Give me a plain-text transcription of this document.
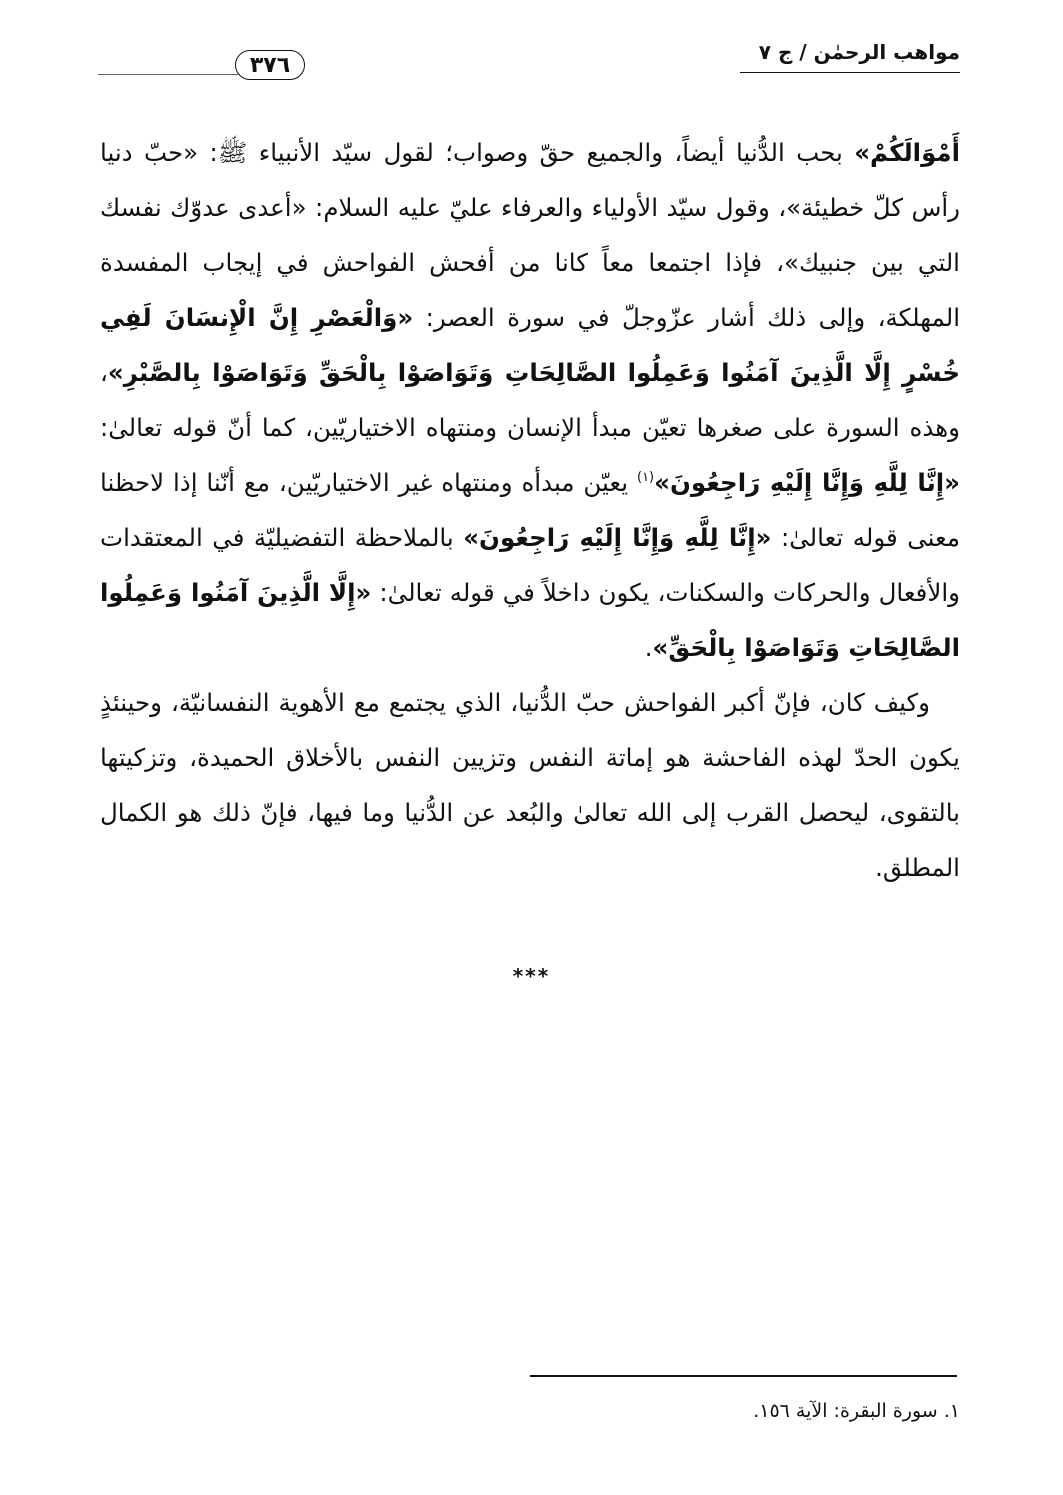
مواهب الرحمٰن / ج ٧
٣٧٦

أَمْوَالَكُمْ» بحب الدُّنيا أيضاً، والجميع حقّ وصواب؛ لقول سيّد الأنبياء ﷺ: «حبّ دنيا رأس كلّ خطيئة»، وقول سيّد الأولياء والعرفاء عليّ عليه السلام: «أعدى عدوّك نفسك التي بين جنبيك»، فإذا اجتمعا معاً كانا من أفحش الفواحش في إيجاب المفسدة المهلكة، وإلى ذلك أشار عزّوجلّ في سورة العصر: «وَالْعَصْرِ إِنَّ الْإِنسَانَ لَفِي خُسْرٍ إِلَّا الَّذِينَ آمَنُوا وَعَمِلُوا الصَّالِحَاتِ وَتَوَاصَوْا بِالْحَقِّ وَتَوَاصَوْا بِالصَّبْرِ»، وهذه السورة على صغرها تعيّن مبدأ الإنسان ومنتهاه الاختياريّين، كما أنّ قوله تعالىٰ: «إِنَّا لِلَّهِ وَإِنَّا إِلَيْهِ رَاجِعُونَ»$^{(١)}$ يعيّن مبدأه ومنتهاه غير الاختياريّين، مع أنّنا إذا لاحظنا معنى قوله تعالىٰ: «إِنَّا لِلَّهِ وَإِنَّا إِلَيْهِ رَاجِعُونَ» بالملاحظة التفضيليّة في المعتقدات والأفعال والحركات والسكنات، يكون داخلاً في قوله تعالىٰ: «إِلَّا الَّذِينَ آمَنُوا وَعَمِلُوا الصَّالِحَاتِ وَتَوَاصَوْا بِالْحَقِّ».

وكيف كان، فإنّ أكبر الفواحش حبّ الدُّنيا، الذي يجتمع مع الأهوية النفسانيّة، وحينئذٍ يكون الحدّ لهذه الفاحشة هو إماتة النفس وتزيين النفس بالأخلاق الحميدة، وتزكيتها بالتقوى، ليحصل القرب إلى الله تعالىٰ والبُعد عن الدُّنيا وما فيها، فإنّ ذلك هو الكمال المطلق.

***
١. سورة البقرة: الآية ١٥٦.
